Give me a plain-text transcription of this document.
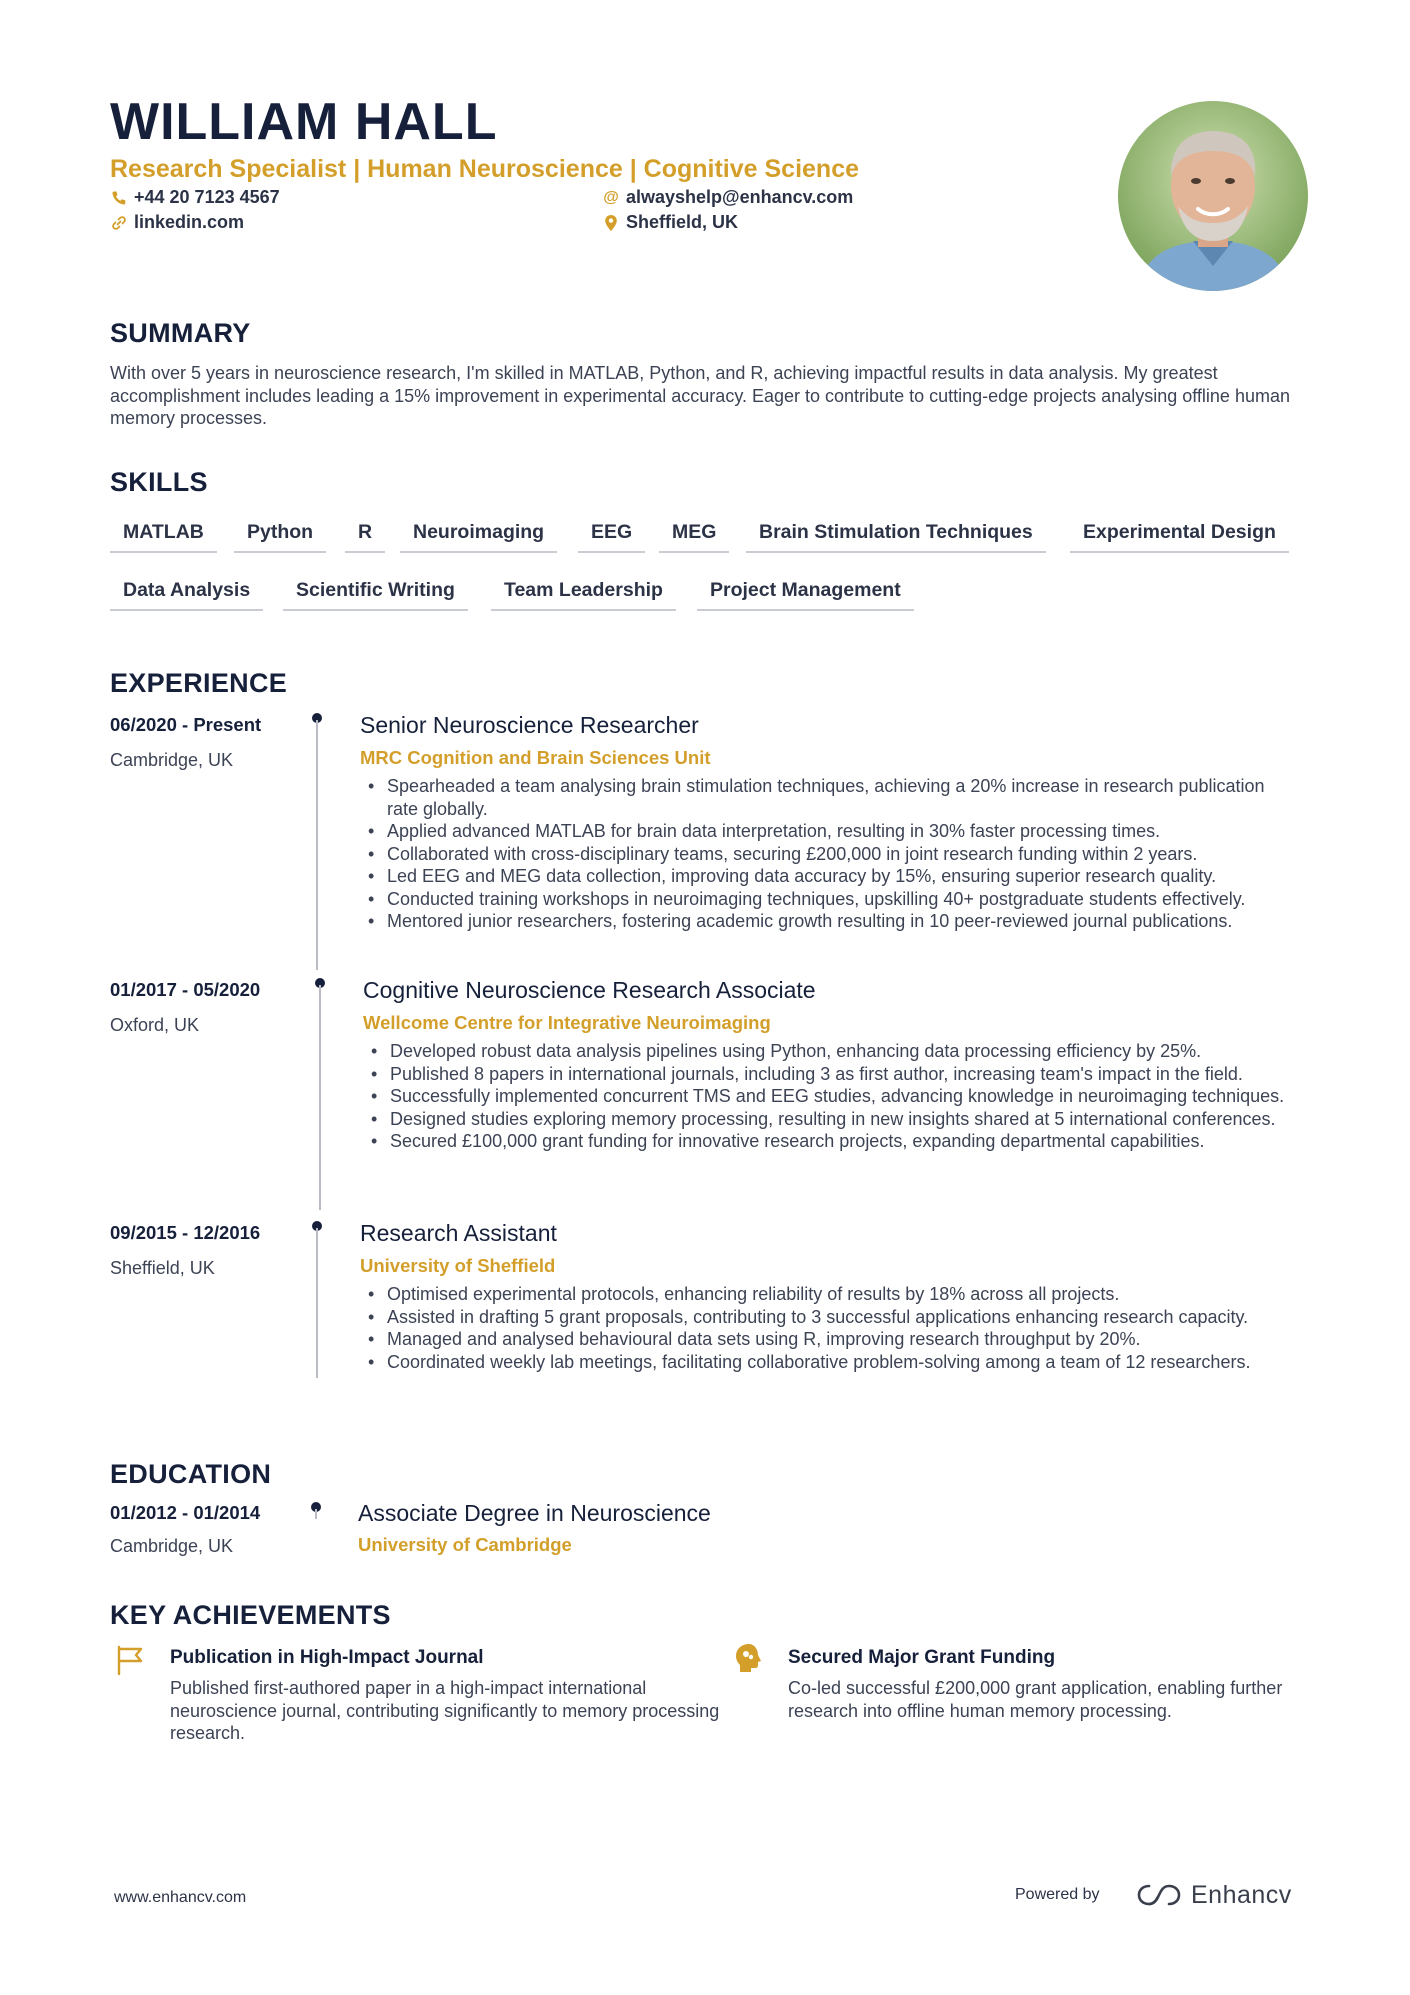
WILLIAM HALL
Research Specialist | Human Neuroscience | Cognitive Science
+44 20 7123 4567
linkedin.com
@ alwayshelp@enhancv.com
Sheffield, UK
SUMMARY
With over 5 years in neuroscience research, I'm skilled in MATLAB, Python, and R, achieving impactful results in data analysis. My greatest accomplishment includes leading a 15% improvement in experimental accuracy. Eager to contribute to cutting-edge projects analysing offline human memory processes.
SKILLS
MATLAB	Python	R	Neuroimaging	EEG	MEG	Brain Stimulation Techniques	Experimental Design
Data Analysis	Scientific Writing	Team Leadership	Project Management
EXPERIENCE
06/2020 - Present
Cambridge, UK
Senior Neuroscience Researcher
MRC Cognition and Brain Sciences Unit
• Spearheaded a team analysing brain stimulation techniques, achieving a 20% increase in research publication rate globally.
• Applied advanced MATLAB for brain data interpretation, resulting in 30% faster processing times.
• Collaborated with cross-disciplinary teams, securing £200,000 in joint research funding within 2 years.
• Led EEG and MEG data collection, improving data accuracy by 15%, ensuring superior research quality.
• Conducted training workshops in neuroimaging techniques, upskilling 40+ postgraduate students effectively.
• Mentored junior researchers, fostering academic growth resulting in 10 peer-reviewed journal publications.
01/2017 - 05/2020
Oxford, UK
Cognitive Neuroscience Research Associate
Wellcome Centre for Integrative Neuroimaging
• Developed robust data analysis pipelines using Python, enhancing data processing efficiency by 25%.
• Published 8 papers in international journals, including 3 as first author, increasing team's impact in the field.
• Successfully implemented concurrent TMS and EEG studies, advancing knowledge in neuroimaging techniques.
• Designed studies exploring memory processing, resulting in new insights shared at 5 international conferences.
• Secured £100,000 grant funding for innovative research projects, expanding departmental capabilities.
09/2015 - 12/2016
Sheffield, UK
Research Assistant
University of Sheffield
• Optimised experimental protocols, enhancing reliability of results by 18% across all projects.
• Assisted in drafting 5 grant proposals, contributing to 3 successful applications enhancing research capacity.
• Managed and analysed behavioural data sets using R, improving research throughput by 20%.
• Coordinated weekly lab meetings, facilitating collaborative problem-solving among a team of 12 researchers.
EDUCATION
01/2012 - 01/2014
Cambridge, UK
Associate Degree in Neuroscience
University of Cambridge
KEY ACHIEVEMENTS
Publication in High-Impact Journal
Published first-authored paper in a high-impact international neuroscience journal, contributing significantly to memory processing research.
Secured Major Grant Funding
Co-led successful £200,000 grant application, enabling further research into offline human memory processing.
www.enhancv.com	Powered by	Enhancv
